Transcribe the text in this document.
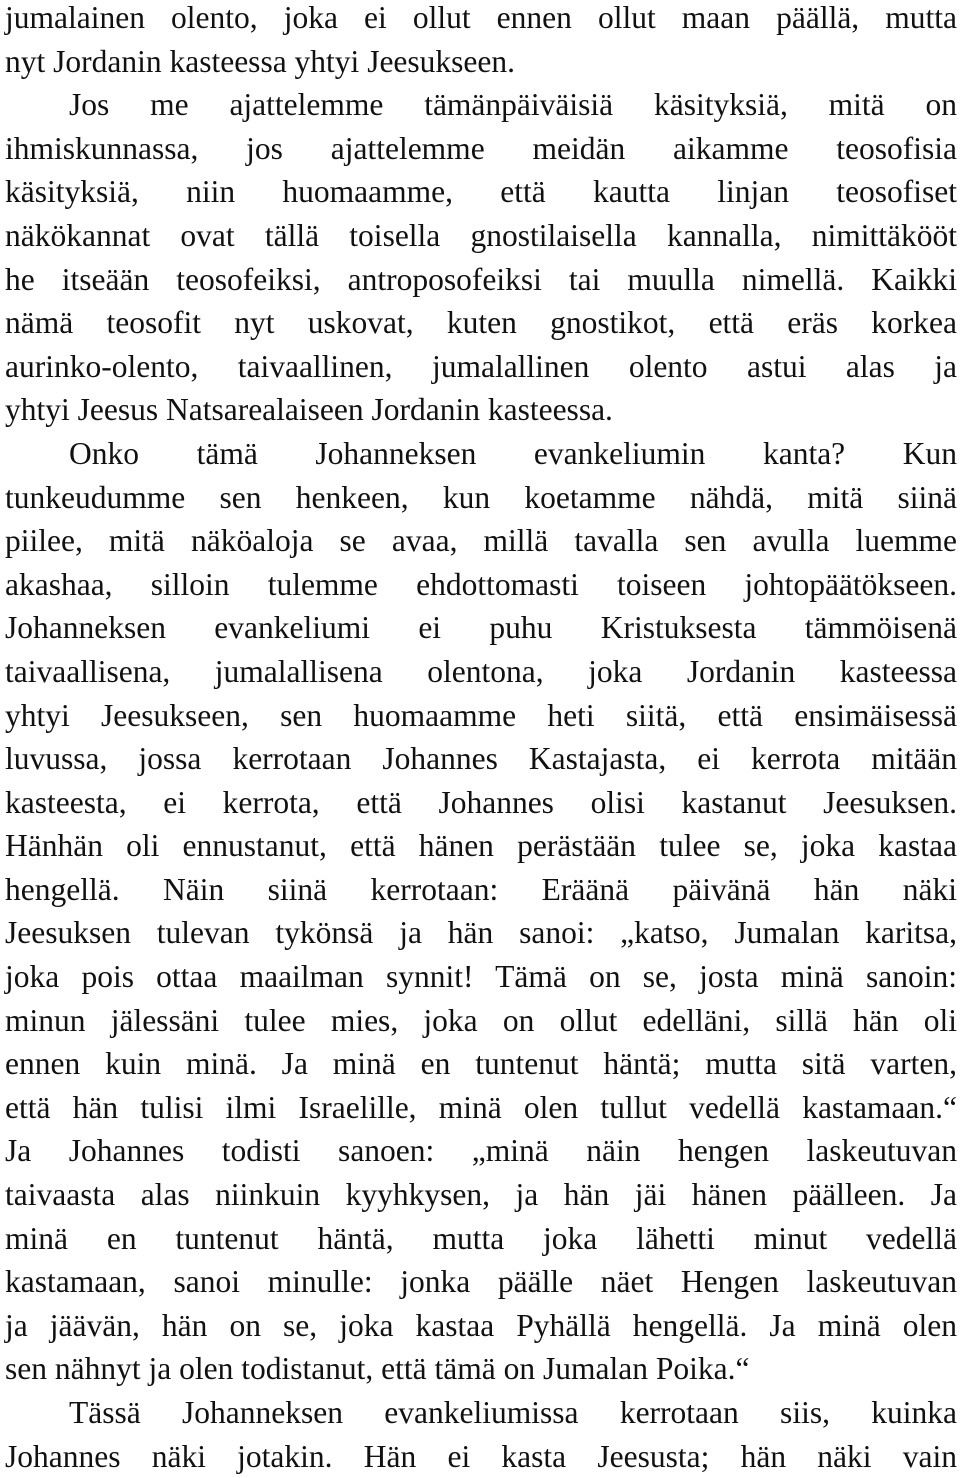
jumalainen olento, joka ei ollut ennen ollut maan päällä, mutta
nyt Jordanin kasteessa yhtyi Jeesukseen.
Jos me ajattelemme tämänpäiväisiä käsityksiä, mitä on
ihmiskunnassa, jos ajattelemme meidän aikamme teosofisia
käsityksiä, niin huomaamme, että kautta linjan teosofiset
näkökannat ovat tällä toisella gnostilaisella kannalla, nimittäkööt
he itseään teosofeiksi, antroposofeiksi tai muulla nimellä. Kaikki
nämä teosofit nyt uskovat, kuten gnostikot, että eräs korkea
aurinko-olento, taivaallinen, jumalallinen olento astui alas ja
yhtyi Jeesus Natsarealaiseen Jordanin kasteessa.
Onko tämä Johanneksen evankeliumin kanta? Kun
tunkeudumme sen henkeen, kun koetamme nähdä, mitä siinä
piilee, mitä näköaloja se avaa, millä tavalla sen avulla luemme
akashaa, silloin tulemme ehdottomasti toiseen johtopäätökseen.
Johanneksen evankeliumi ei puhu Kristuksesta tämmöisenä
taivaallisena, jumalallisena olentona, joka Jordanin kasteessa
yhtyi Jeesukseen, sen huomaamme heti siitä, että ensimäisessä
luvussa, jossa kerrotaan Johannes Kastajasta, ei kerrota mitään
kasteesta, ei kerrota, että Johannes olisi kastanut Jeesuksen.
Hänhän oli ennustanut, että hänen perästään tulee se, joka kastaa
hengellä. Näin siinä kerrotaan: Eräänä päivänä hän näki
Jeesuksen tulevan tykönsä ja hän sanoi: „katso, Jumalan karitsa,
joka pois ottaa maailman synnit! Tämä on se, josta minä sanoin:
minun jälessäni tulee mies, joka on ollut edelläni, sillä hän oli
ennen kuin minä. Ja minä en tuntenut häntä; mutta sitä varten,
että hän tulisi ilmi Israelille, minä olen tullut vedellä kastamaan.“
Ja Johannes todisti sanoen: „minä näin hengen laskeutuvan
taivaasta alas niinkuin kyyhkysen, ja hän jäi hänen päälleen. Ja
minä en tuntenut häntä, mutta joka lähetti minut vedellä
kastamaan, sanoi minulle: jonka päälle näet Hengen laskeutuvan
ja jäävän, hän on se, joka kastaa Pyhällä hengellä. Ja minä olen
sen nähnyt ja olen todistanut, että tämä on Jumalan Poika.“
Tässä Johanneksen evankeliumissa kerrotaan siis, kuinka
Johannes näki jotakin. Hän ei kasta Jeesusta; hän näki vain
